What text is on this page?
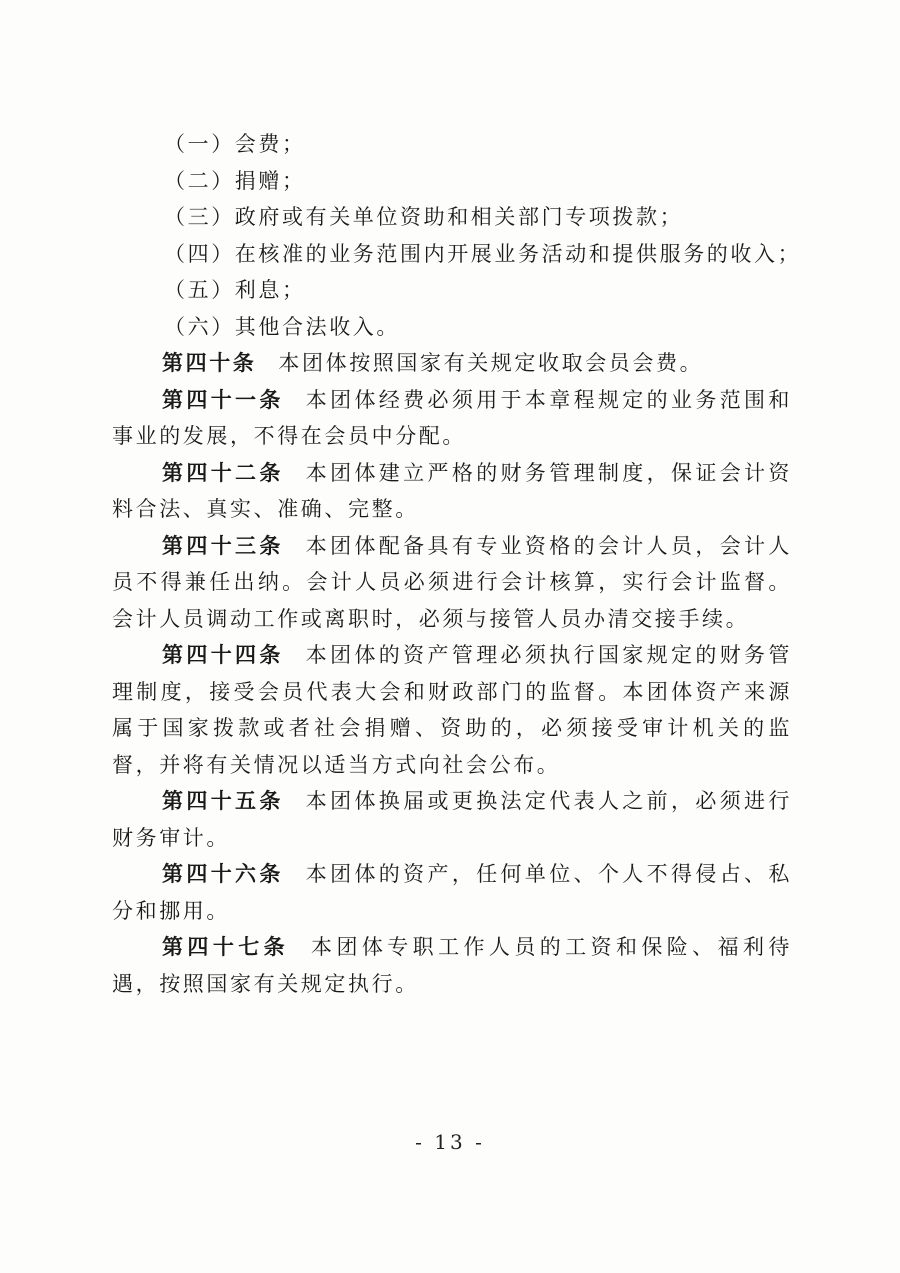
（一）会费；

（二）捐赠；

（三）政府或有关单位资助和相关部门专项拨款；

（四）在核准的业务范围内开展业务活动和提供服务的收入；

（五）利息；

（六）其他合法收入。

第四十条 本团体按照国家有关规定收取会员会费。

第四十一条 本团体经费必须用于本章程规定的业务范围和事业的发展，不得在会员中分配。

第四十二条 本团体建立严格的财务管理制度，保证会计资料合法、真实、准确、完整。

第四十三条 本团体配备具有专业资格的会计人员，会计人员不得兼任出纳。会计人员必须进行会计核算，实行会计监督。会计人员调动工作或离职时，必须与接管人员办清交接手续。

第四十四条 本团体的资产管理必须执行国家规定的财务管理制度，接受会员代表大会和财政部门的监督。本团体资产来源属于国家拨款或者社会捐赠、资助的，必须接受审计机关的监督，并将有关情况以适当方式向社会公布。

第四十五条 本团体换届或更换法定代表人之前，必须进行财务审计。

第四十六条 本团体的资产，任何单位、个人不得侵占、私分和挪用。

第四十七条 本团体专职工作人员的工资和保险、福利待遇，按照国家有关规定执行。

- 13 -
